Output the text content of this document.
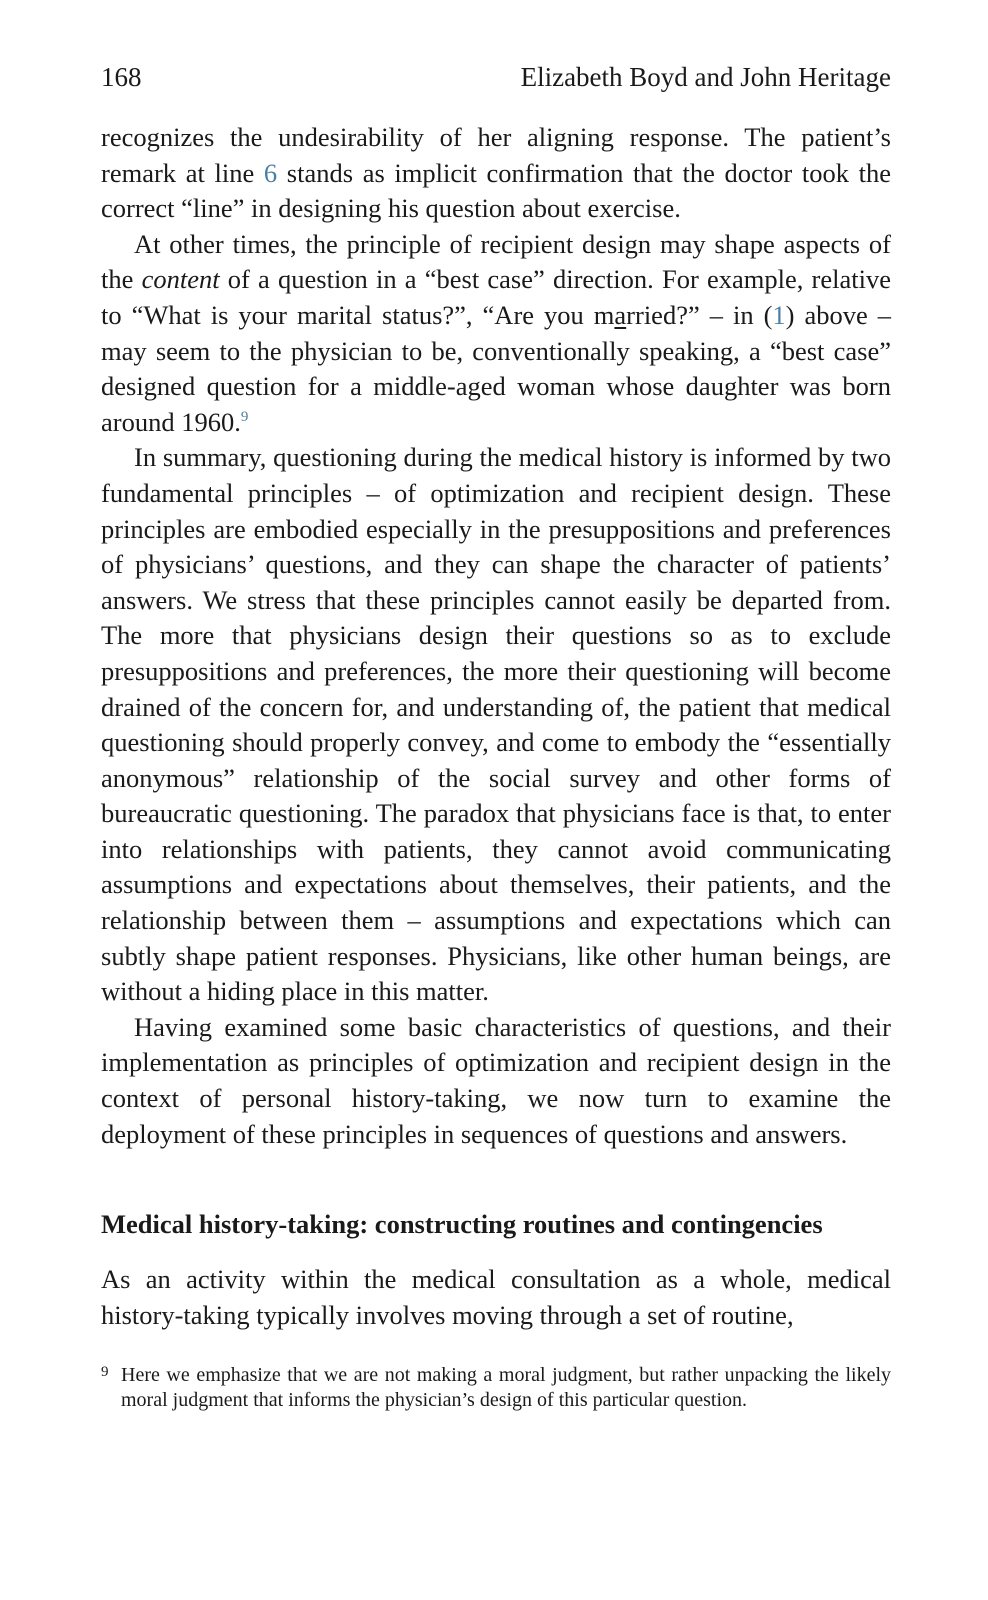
168	Elizabeth Boyd and John Heritage

recognizes the undesirability of her aligning response. The patient’s remark at line 6 stands as implicit confirmation that the doctor took the correct “line” in designing his question about exercise.

At other times, the principle of recipient design may shape aspects of the content of a question in a “best case” direction. For example, relative to “What is your marital status?”, “Are you married?” – in (1) above – may seem to the physician to be, conventionally speaking, a “best case” designed question for a middle-aged woman whose daughter was born around 1960.$^9$

In summary, questioning during the medical history is informed by two fundamental principles – of optimization and recipient design. These principles are embodied especially in the presuppositions and preferences of physicians’ questions, and they can shape the character of patients’ answers. We stress that these principles cannot easily be departed from. The more that physicians design their questions so as to exclude presuppositions and preferences, the more their questioning will become drained of the concern for, and understanding of, the patient that medical questioning should properly convey, and come to embody the “essentially anonymous” relationship of the social survey and other forms of bureaucratic questioning. The paradox that physicians face is that, to enter into relationships with patients, they cannot avoid communicating assumptions and expectations about themselves, their patients, and the relationship between them – assumptions and expectations which can subtly shape patient responses. Physicians, like other human beings, are without a hiding place in this matter.

Having examined some basic characteristics of questions, and their implementation as principles of optimization and recipient design in the context of personal history-taking, we now turn to examine the deployment of these principles in sequences of questions and answers.

Medical history-taking: constructing routines and contingencies

As an activity within the medical consultation as a whole, medical history-taking typically involves moving through a set of routine,

9 Here we emphasize that we are not making a moral judgment, but rather unpacking the likely moral judgment that informs the physician’s design of this particular question.
